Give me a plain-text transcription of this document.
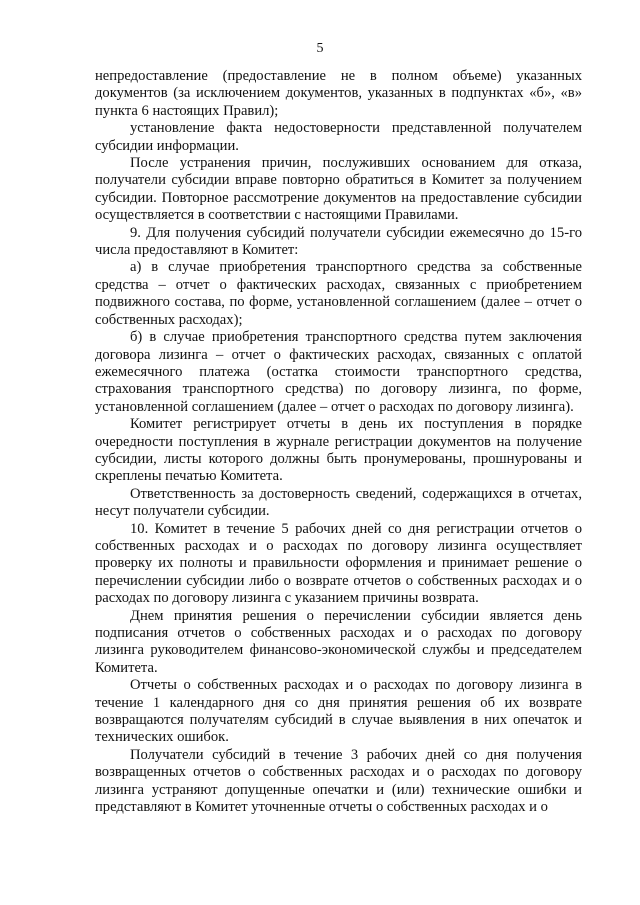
5

непредоставление (предоставление не в полном объеме) указанных документов (за исключением документов, указанных в подпунктах «б», «в» пункта 6 настоящих Правил);

установление факта недостоверности представленной получателем субсидии информации.

После устранения причин, послуживших основанием для отказа, получатели субсидии вправе повторно обратиться в Комитет за получением субсидии. Повторное рассмотрение документов на предоставление субсидии осуществляется в соответствии с настоящими Правилами.

9. Для получения субсидий получатели субсидии ежемесячно до 15-го числа предоставляют в Комитет:

а) в случае приобретения транспортного средства за собственные средства – отчет о фактических расходах, связанных с приобретением подвижного состава, по форме, установленной соглашением (далее – отчет о собственных расходах);

б) в случае приобретения транспортного средства путем заключения договора лизинга – отчет о фактических расходах, связанных с оплатой ежемесячного платежа (остатка стоимости транспортного средства, страхования транспортного средства) по договору лизинга, по форме, установленной соглашением (далее – отчет о расходах по договору лизинга).

Комитет регистрирует отчеты в день их поступления в порядке очередности поступления в журнале регистрации документов на получение субсидии, листы которого должны быть пронумерованы, прошнурованы и скреплены печатью Комитета.

Ответственность за достоверность сведений, содержащихся в отчетах, несут получатели субсидии.

10. Комитет в течение 5 рабочих дней со дня регистрации отчетов о собственных расходах и о расходах по договору лизинга осуществляет проверку их полноты и правильности оформления и принимает решение о перечислении субсидии либо о возврате отчетов о собственных расходах и о расходах по договору лизинга с указанием причины возврата.

Днем принятия решения о перечислении субсидии является день подписания отчетов о собственных расходах и о расходах по договору лизинга руководителем финансово-экономической службы и председателем Комитета.

Отчеты о собственных расходах и о расходах по договору лизинга в течение 1 календарного дня со дня принятия решения об их возврате возвращаются получателям субсидий в случае выявления в них опечаток и технических ошибок.

Получатели субсидий в течение 3 рабочих дней со дня получения возвращенных отчетов о собственных расходах и о расходах по договору лизинга устраняют допущенные опечатки и (или) технические ошибки и представляют в Комитет уточненные отчеты о собственных расходах и о
